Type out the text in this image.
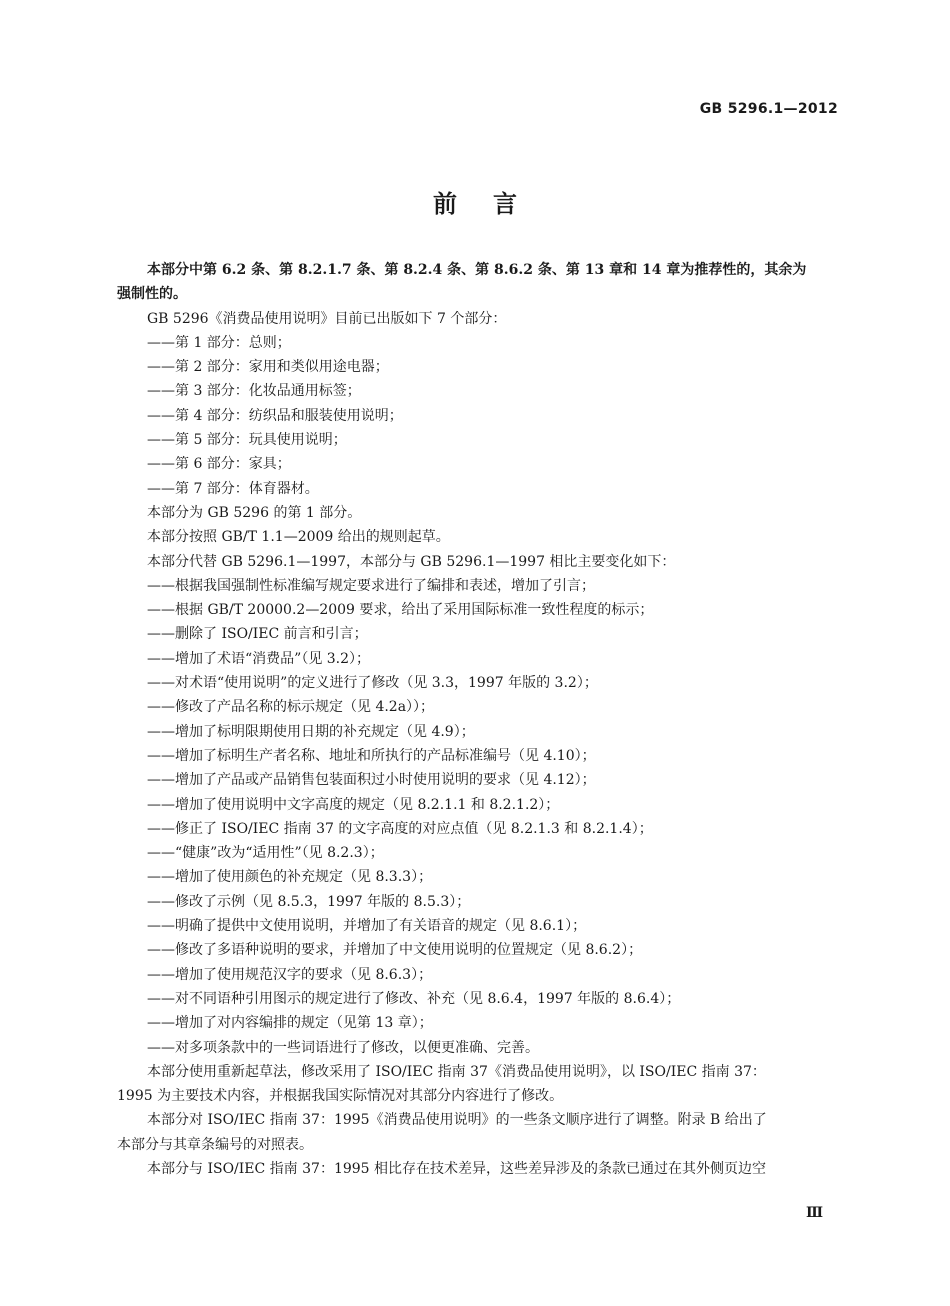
GB 5296.1—2012
前言
本部分中第 6.2 条、第 8.2.1.7 条、第 8.2.4 条、第 8.6.2 条、第 13 章和 14 章为推荐性的，其余为
强制性的。
GB 5296《消费品使用说明》目前已出版如下 7 个部分：
——第 1 部分：总则；
——第 2 部分：家用和类似用途电器；
——第 3 部分：化妆品通用标签；
——第 4 部分：纺织品和服装使用说明；
——第 5 部分：玩具使用说明；
——第 6 部分：家具；
——第 7 部分：体育器材。
本部分为 GB 5296 的第 1 部分。
本部分按照 GB/T 1.1—2009 给出的规则起草。
本部分代替 GB 5296.1—1997，本部分与 GB 5296.1—1997 相比主要变化如下：
——根据我国强制性标准编写规定要求进行了编排和表述，增加了引言；
——根据 GB/T 20000.2—2009 要求，给出了采用国际标准一致性程度的标示；
——删除了 ISO/IEC 前言和引言；
——增加了术语“消费品”（见 3.2）；
——对术语“使用说明”的定义进行了修改（见 3.3，1997 年版的 3.2）；
——修改了产品名称的标示规定（见 4.2a））；
——增加了标明限期使用日期的补充规定（见 4.9）；
——增加了标明生产者名称、地址和所执行的产品标准编号（见 4.10）；
——增加了产品或产品销售包装面积过小时使用说明的要求（见 4.12）；
——增加了使用说明中文字高度的规定（见 8.2.1.1 和 8.2.1.2）；
——修正了 ISO/IEC 指南 37 的文字高度的对应点值（见 8.2.1.3 和 8.2.1.4）；
——“健康”改为“适用性”（见 8.2.3）；
——增加了使用颜色的补充规定（见 8.3.3）；
——修改了示例（见 8.5.3，1997 年版的 8.5.3）；
——明确了提供中文使用说明，并增加了有关语音的规定（见 8.6.1）；
——修改了多语种说明的要求，并增加了中文使用说明的位置规定（见 8.6.2）；
——增加了使用规范汉字的要求（见 8.6.3）；
——对不同语种引用图示的规定进行了修改、补充（见 8.6.4，1997 年版的 8.6.4）；
——增加了对内容编排的规定（见第 13 章）；
——对多项条款中的一些词语进行了修改，以便更准确、完善。
本部分使用重新起草法，修改采用了 ISO/IEC 指南 37《消费品使用说明》，以 ISO/IEC 指南 37：
1995 为主要技术内容，并根据我国实际情况对其部分内容进行了修改。
本部分对 ISO/IEC 指南 37：1995《消费品使用说明》的一些条文顺序进行了调整。附录 B 给出了
本部分与其章条编号的对照表。
本部分与 ISO/IEC 指南 37：1995 相比存在技术差异，这些差异涉及的条款已通过在其外侧页边空
Ⅲ
